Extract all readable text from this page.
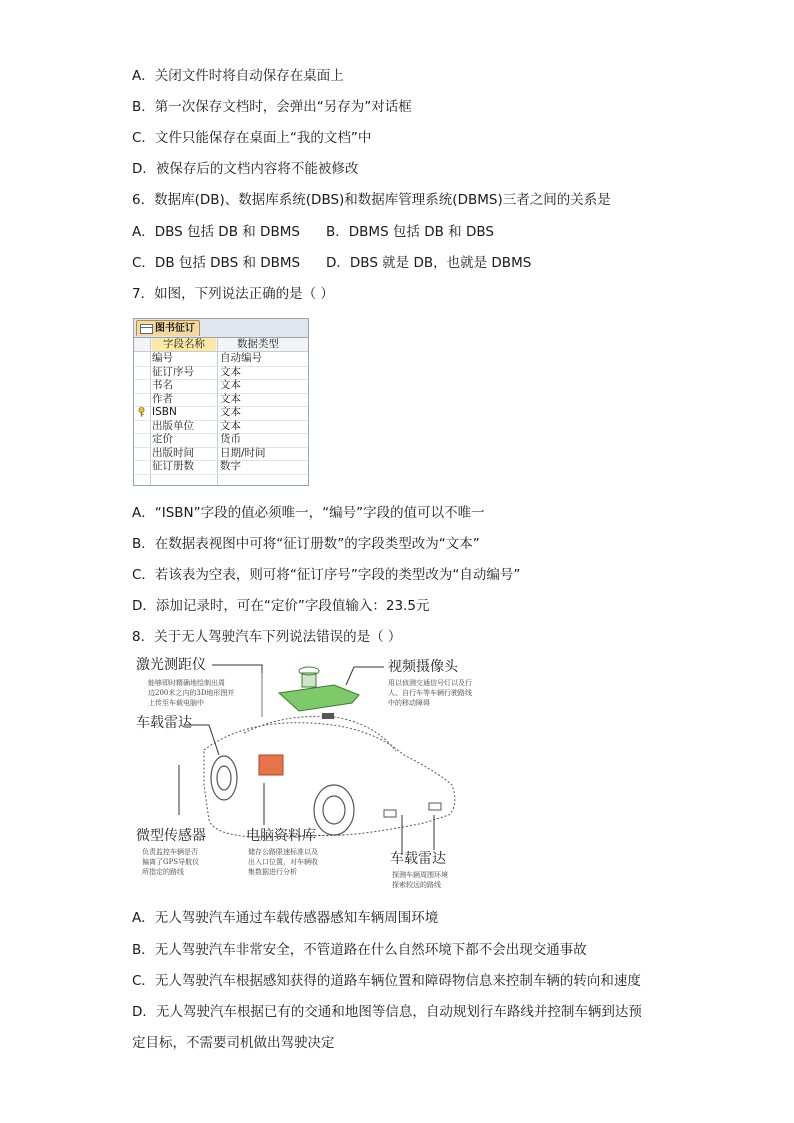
A．关闭文件时将自动保存在桌面上
B．第一次保存文档时，会弹出“另存为”对话框
C．文件只能保存在桌面上“我的文档”中
D．被保存后的文档内容将不能被修改
6．数据库(DB)、数据库系统(DBS)和数据库管理系统(DBMS)三者之间的关系是
A．DBS 包括 DB 和 DBMS B．DBMS 包括 DB 和 DBS
C．DB 包括 DBS 和 DBMS D．DBS 就是 DB，也就是 DBMS
7．如图，下列说法正确的是（ ）
图书征订
字段名称	数据类型
编号	自动编号
征订序号 文本
书名	文本
作者	文本
ISBN	文本
出版单位 文本
定价	货币
出版时间 日期/时间
征订册数 数字
A．“ISBN”字段的值必须唯一，“编号”字段的值可以不唯一
B．在数据表视图中可将“征订册数”的字段类型改为“文本”
C．若该表为空表，则可将“征订序号”字段的类型改为“自动编号”
D．添加记录时，可在“定价”字段值输入：23.5元
8．关于无人驾驶汽车下列说法错误的是（ ）
激光测距仪
能够即时精确地绘制出周
边200米之内的3D地形图并
上传至车载电脑中
视频摄像头
用以侦测交通信号灯以及行
人、自行车等车辆行驶路线
中的移动障碍
车载雷达
微型传感器
负责监控车辆是否
偏离了GPS导航仪
所指定的路线
电脑资料库
储存公路限速标准以及
出入口位置，对车辆收
集数据进行分析
车载雷达
探测车辆周围环境
探索较远的路线
A．无人驾驶汽车通过车载传感器感知车辆周围环境
B．无人驾驶汽车非常安全，不管道路在什么自然环境下都不会出现交通事故
C．无人驾驶汽车根据感知获得的道路车辆位置和障碍物信息来控制车辆的转向和速度
D．无人驾驶汽车根据已有的交通和地图等信息，自动规划行车路线并控制车辆到达预
定目标，不需要司机做出驾驶决定
